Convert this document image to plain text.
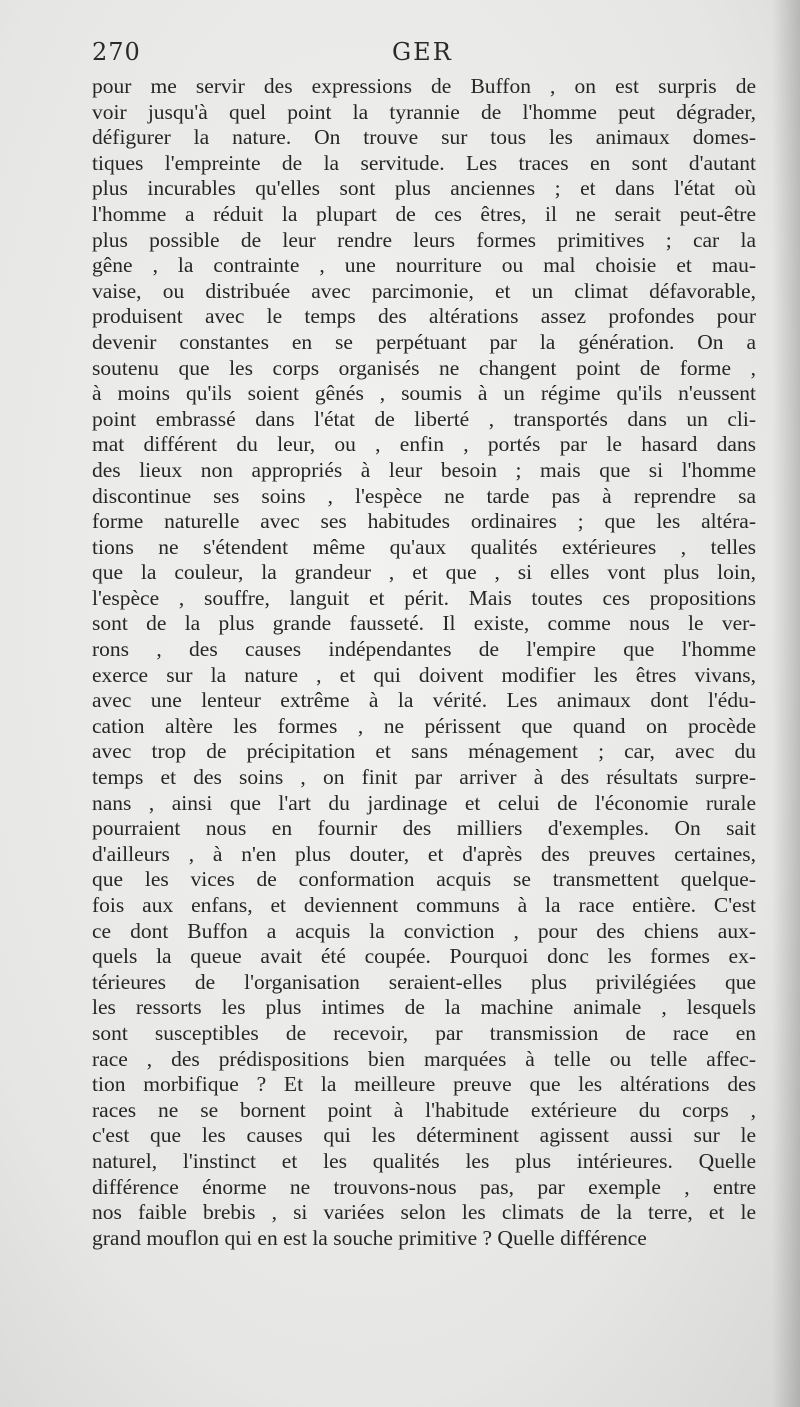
270	GER
pour me servir des expressions de Buffon , on est surpris de
voir jusqu'à quel point la tyrannie de l'homme peut dégrader,
défigurer la nature. On trouve sur tous les animaux domes-
tiques l'empreinte de la servitude. Les traces en sont d'autant
plus incurables qu'elles sont plus anciennes ; et dans l'état où
l'homme a réduit la plupart de ces êtres, il ne serait peut-être
plus possible de leur rendre leurs formes primitives ; car la
gêne , la contrainte , une nourriture ou mal choisie et mau-
vaise, ou distribuée avec parcimonie, et un climat défavorable,
produisent avec le temps des altérations assez profondes pour
devenir constantes en se perpétuant par la génération. On a
soutenu que les corps organisés ne changent point de forme ,
à moins qu'ils soient gênés , soumis à un régime qu'ils n'eussent
point embrassé dans l'état de liberté , transportés dans un cli-
mat différent du leur, ou , enfin , portés par le hasard dans
des lieux non appropriés à leur besoin ; mais que si l'homme
discontinue ses soins , l'espèce ne tarde pas à reprendre sa
forme naturelle avec ses habitudes ordinaires ; que les altéra-
tions ne s'étendent même qu'aux qualités extérieures , telles
que la couleur, la grandeur , et que , si elles vont plus loin,
l'espèce , souffre, languit et périt. Mais toutes ces propositions
sont de la plus grande fausseté. Il existe, comme nous le ver-
rons , des causes indépendantes de l'empire que l'homme
exerce sur la nature , et qui doivent modifier les êtres vivans,
avec une lenteur extrême à la vérité. Les animaux dont l'édu-
cation altère les formes , ne périssent que quand on procède
avec trop de précipitation et sans ménagement ; car, avec du
temps et des soins , on finit par arriver à des résultats surpre-
nans , ainsi que l'art du jardinage et celui de l'économie rurale
pourraient nous en fournir des milliers d'exemples. On sait
d'ailleurs , à n'en plus douter, et d'après des preuves certaines,
que les vices de conformation acquis se transmettent quelque-
fois aux enfans, et deviennent communs à la race entière. C'est
ce dont Buffon a acquis la conviction , pour des chiens aux-
quels la queue avait été coupée. Pourquoi donc les formes ex-
térieures de l'organisation seraient-elles plus privilégiées que
les ressorts les plus intimes de la machine animale , lesquels
sont susceptibles de recevoir, par transmission de race en
race , des prédispositions bien marquées à telle ou telle affec-
tion morbifique ? Et la meilleure preuve que les altérations des
races ne se bornent point à l'habitude extérieure du corps ,
c'est que les causes qui les déterminent agissent aussi sur le
naturel, l'instinct et les qualités les plus intérieures. Quelle
différence énorme ne trouvons-nous pas, par exemple , entre
nos faible brebis , si variées selon les climats de la terre, et le
grand mouflon qui en est la souche primitive ? Quelle différence
